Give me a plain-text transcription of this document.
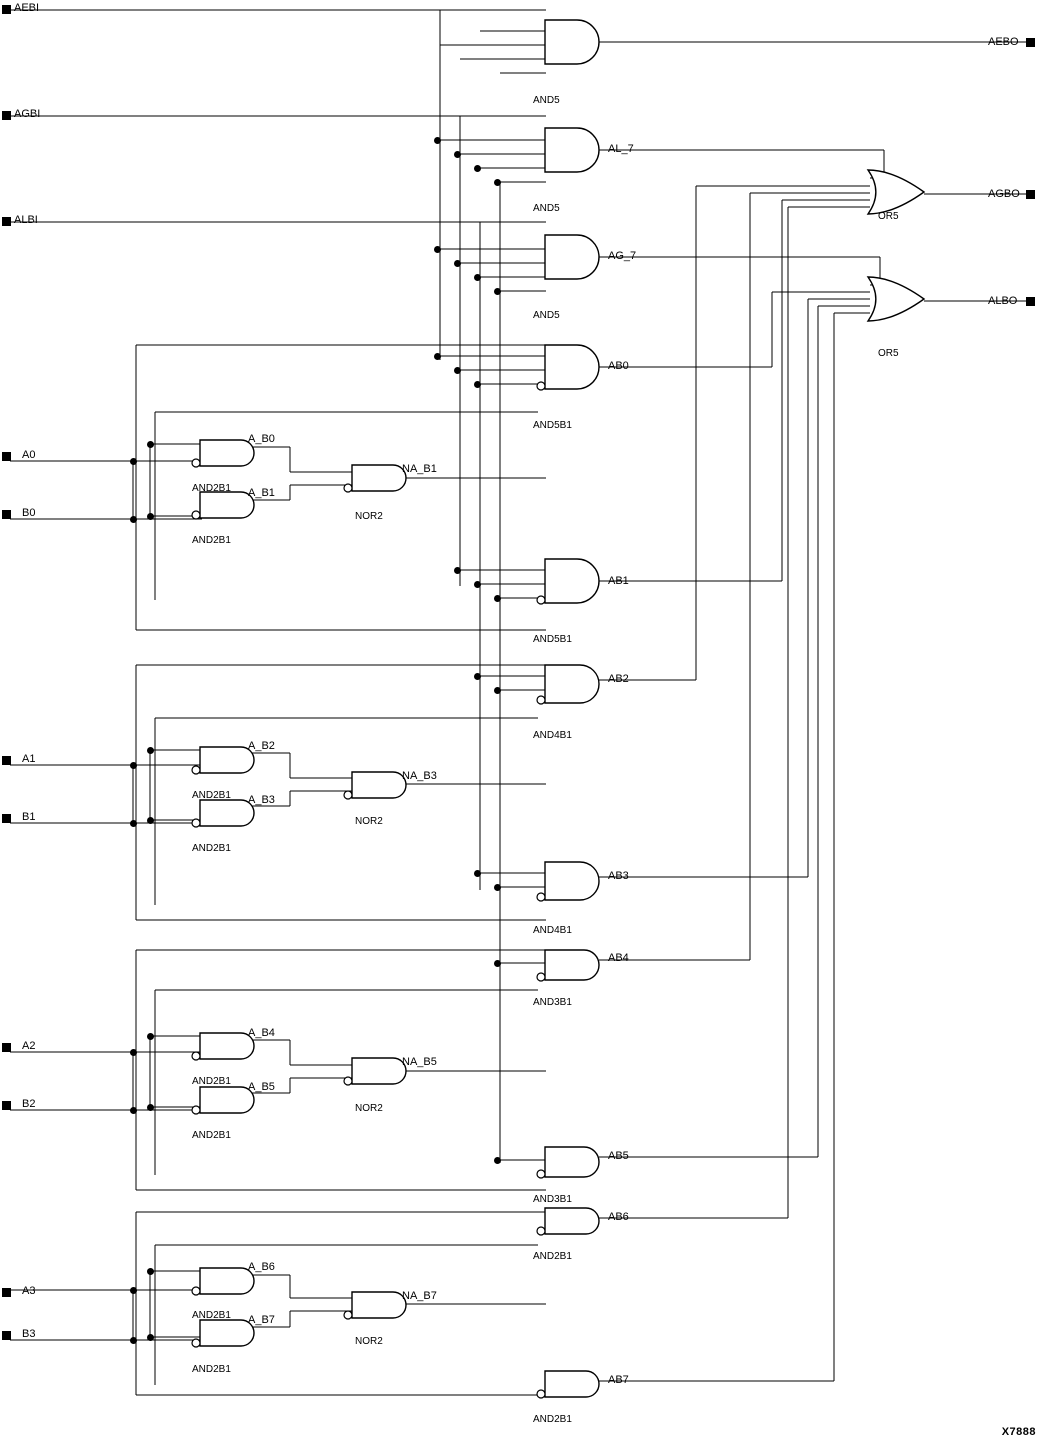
AND5
AND5
AND5
AND5B1
AND5B1
AND4B1
AND4B1
AND3B1
AND3B1
AND2B1
AND2B1
OR5
OR5
AND2B1
AND2B1
NOR2
AND2B1
AND2B1
NOR2
AND2B1
AND2B1
NOR2
AND2B1
AND2B1
NOR2
AEBI
AGBI
ALBI
A0
B0
A1
B1
A2
B2
A3
B3
AEBO
AGBO
ALBO
AL_7
AG_7
AB0
AB1
AB2
AB3
AB4
AB5
AB6
AB7
A_B0
A_B1
NA_B1
A_B2
A_B3
NA_B3
A_B4
A_B5
NA_B5
A_B6
A_B7
NA_B7
X7888
